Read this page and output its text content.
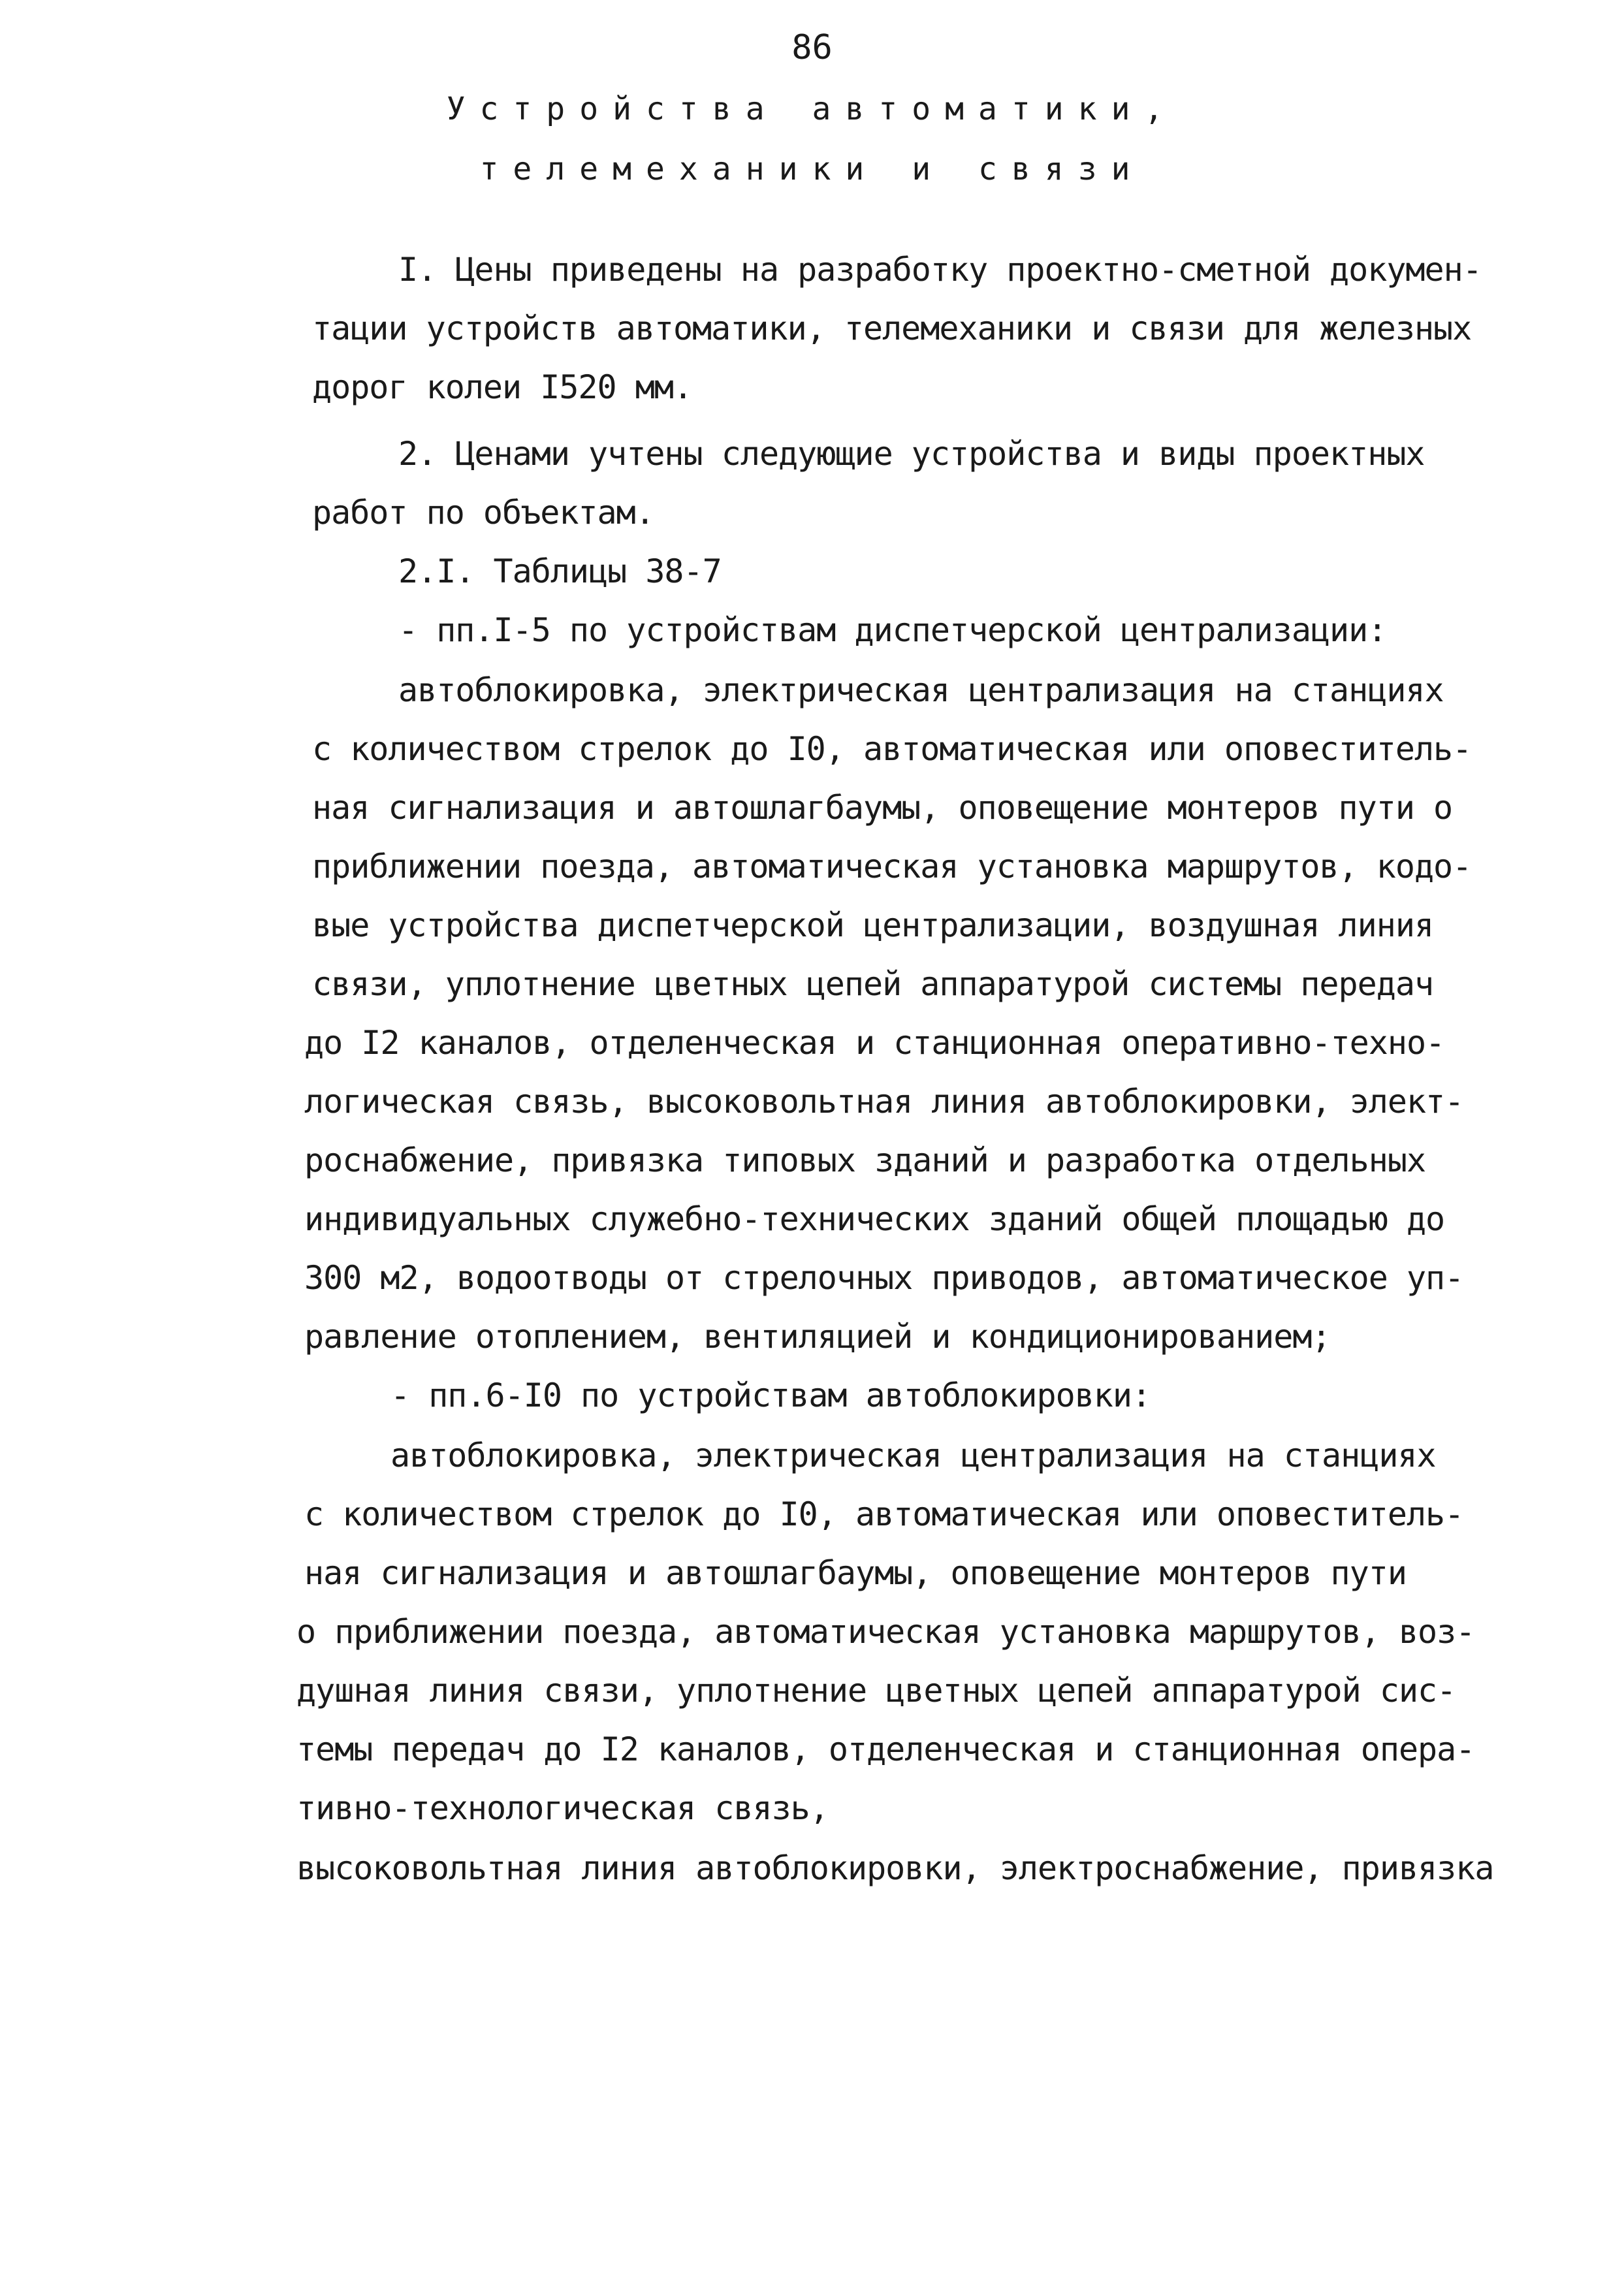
86
Устройства автоматики,
телемеханики и связи
I. Цены приведены на разработку проектно-сметной докумен-
тации устройств автоматики, телемеханики и связи для железных
дорог колеи I520 мм.
2. Ценами учтены следующие устройства и виды проектных
работ по объектам.
2.I. Таблицы 38-7
- пп.I-5 по устройствам диспетчерской централизации:
автоблокировка, электрическая централизация на станциях
с количеством стрелок до I0, автоматическая или оповеститель-
ная сигнализация и автошлагбаумы, оповещение монтеров пути о
приближении поезда, автоматическая установка маршрутов, кодо-
вые устройства диспетчерской централизации, воздушная линия
связи, уплотнение цветных цепей аппаратурой системы передач
до I2 каналов, отделенческая и станционная оперативно-техно-
логическая связь, высоковольтная линия автоблокировки, элект-
роснабжение, привязка типовых зданий и разработка отдельных
индивидуальных служебно-технических зданий общей площадью до
300 м2, водоотводы от стрелочных приводов, автоматическое уп-
равление отоплением, вентиляцией и кондиционированием;
- пп.6-I0 по устройствам автоблокировки:
автоблокировка, электрическая централизация на станциях
с количеством стрелок до I0, автоматическая или оповеститель-
ная сигнализация и автошлагбаумы, оповещение монтеров пути
о приближении поезда, автоматическая установка маршрутов, воз-
душная линия связи, уплотнение цветных цепей аппаратурой сис-
темы передач до I2 каналов, отделенческая и станционная опера-
тивно-технологическая связь,
высоковольтная линия автоблокировки, электроснабжение, привязка
